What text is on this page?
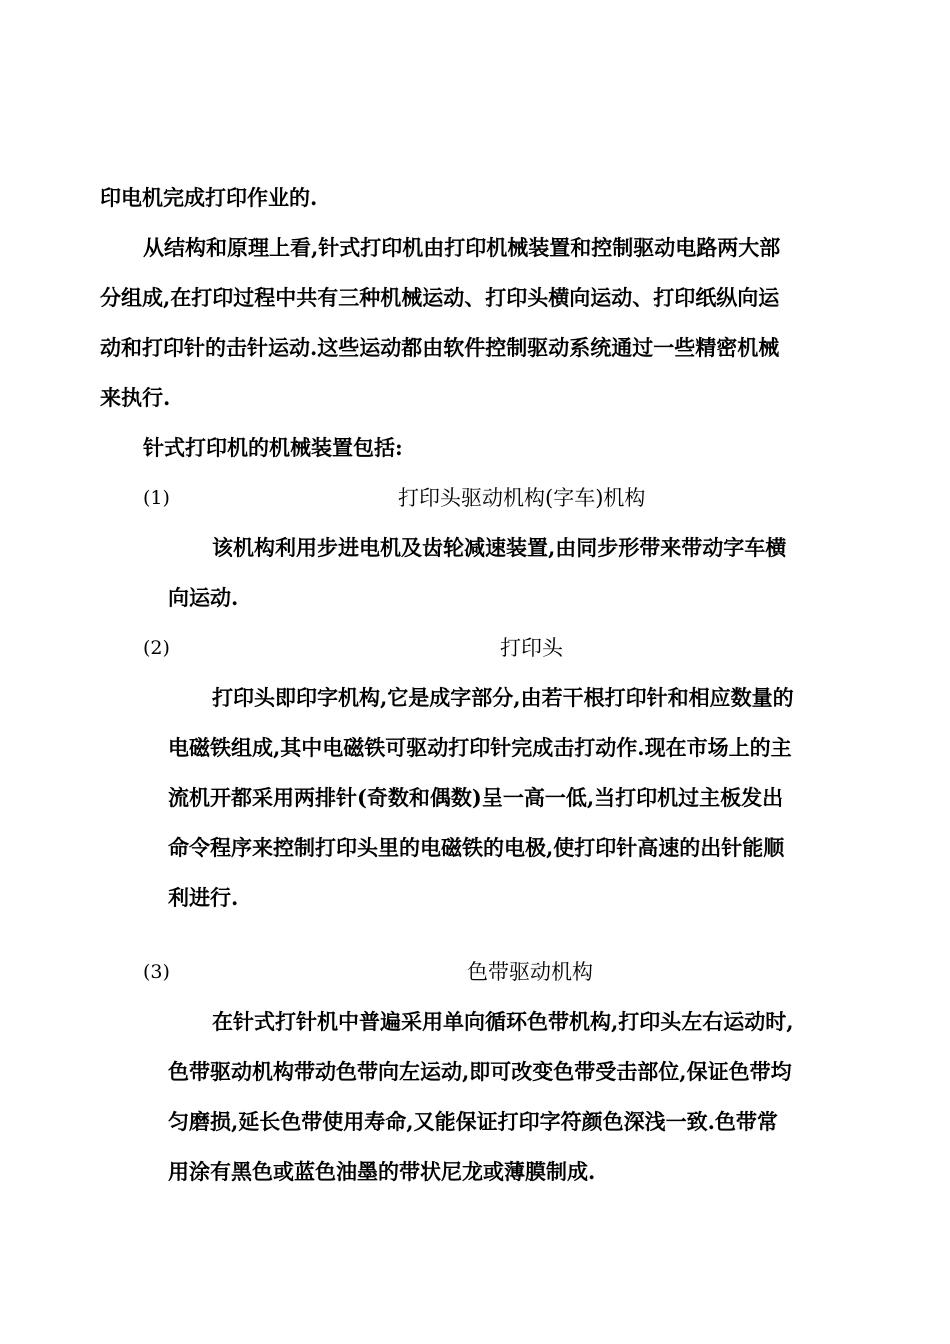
印电机完成打印作业的.
从结构和原理上看,针式打印机由打印机械装置和控制驱动电路两大部
分组成,在打印过程中共有三种机械运动、打印头横向运动、打印纸纵向运
动和打印针的击针运动.这些运动都由软件控制驱动系统通过一些精密机械
来执行.
针式打印机的机械装置包括:
(1)	打印头驱动机构(字车)机构
该机构利用步进电机及齿轮减速装置,由同步形带来带动字车横
向运动.
(2)	打印头
打印头即印字机构,它是成字部分,由若干根打印针和相应数量的
电磁铁组成,其中电磁铁可驱动打印针完成击打动作.现在市场上的主
流机开都采用两排针(奇数和偶数)呈一高一低,当打印机过主板发出
命令程序来控制打印头里的电磁铁的电极,使打印针高速的出针能顺
利进行.
(3)	色带驱动机构
在针式打针机中普遍采用单向循环色带机构,打印头左右运动时,
色带驱动机构带动色带向左运动,即可改变色带受击部位,保证色带均
匀磨损,延长色带使用寿命,又能保证打印字符颜色深浅一致.色带常
用涂有黑色或蓝色油墨的带状尼龙或薄膜制成.
